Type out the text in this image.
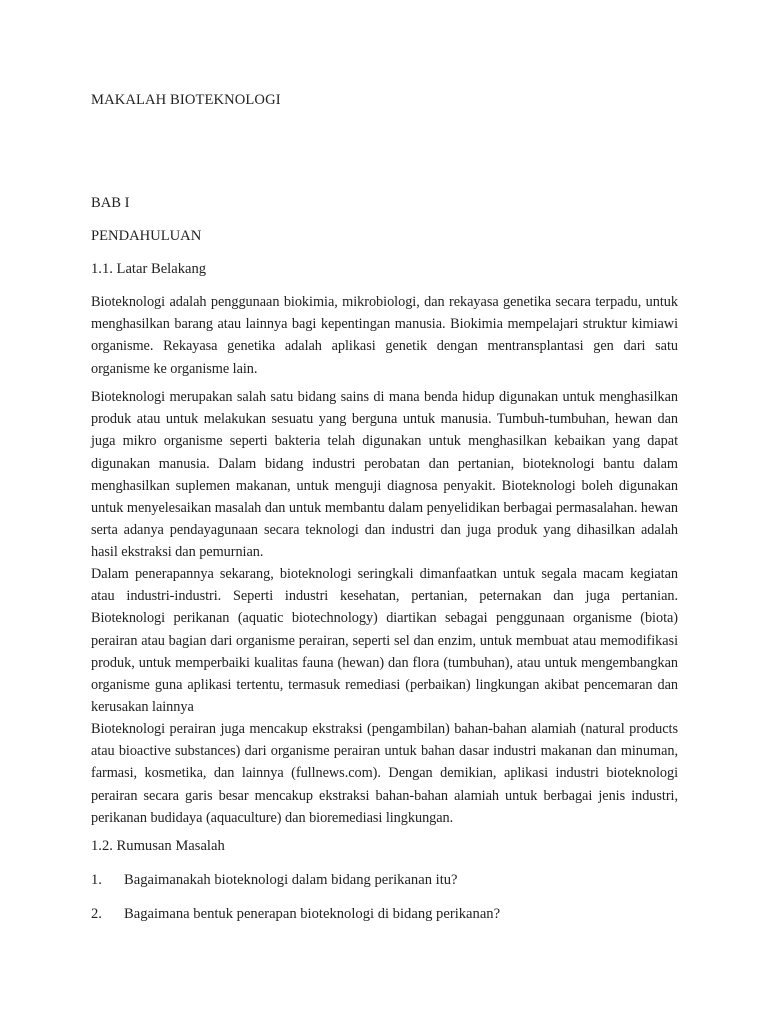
MAKALAH BIOTEKNOLOGI
BAB I
PENDAHULUAN
1.1. Latar Belakang

Bioteknologi adalah penggunaan biokimia, mikrobiologi, dan rekayasa genetika secara terpadu, untuk menghasilkan barang atau lainnya bagi kepentingan manusia. Biokimia mempelajari struktur kimiawi organisme. Rekayasa genetika adalah aplikasi genetik dengan mentransplantasi gen dari satu organisme ke organisme lain.

Bioteknologi merupakan salah satu bidang sains di mana benda hidup digunakan untuk menghasilkan produk atau untuk melakukan sesuatu yang berguna untuk manusia. Tumbuh-tumbuhan, hewan dan juga mikro organisme seperti bakteria telah digunakan untuk menghasilkan kebaikan yang dapat digunakan manusia. Dalam bidang industri perobatan dan pertanian, bioteknologi bantu dalam menghasilkan suplemen makanan, untuk menguji diagnosa penyakit. Bioteknologi boleh digunakan untuk menyelesaikan masalah dan untuk membantu dalam penyelidikan berbagai permasalahan. hewan serta adanya pendayagunaan secara teknologi dan industri dan juga produk yang dihasilkan adalah hasil ekstraksi dan pemurnian.

Dalam penerapannya sekarang, bioteknologi seringkali dimanfaatkan untuk segala macam kegiatan atau industri-industri. Seperti industri kesehatan, pertanian, peternakan dan juga pertanian. Bioteknologi perikanan (aquatic biotechnology) diartikan sebagai penggunaan organisme (biota) perairan atau bagian dari organisme perairan, seperti sel dan enzim, untuk membuat atau memodifikasi produk, untuk memperbaiki kualitas fauna (hewan) dan flora (tumbuhan), atau untuk mengembangkan organisme guna aplikasi tertentu, termasuk remediasi (perbaikan) lingkungan akibat pencemaran dan kerusakan lainnya

Bioteknologi perairan juga mencakup ekstraksi (pengambilan) bahan-bahan alamiah (natural products atau bioactive substances) dari organisme perairan untuk bahan dasar industri makanan dan minuman, farmasi, kosmetika, dan lainnya (fullnews.com). Dengan demikian, aplikasi industri bioteknologi perairan secara garis besar mencakup ekstraksi bahan-bahan alamiah untuk berbagai jenis industri, perikanan budidaya (aquaculture) dan bioremediasi lingkungan.

1.2. Rumusan Masalah
1. Bagaimanakah bioteknologi dalam bidang perikanan itu?
2. Bagaimana bentuk penerapan bioteknologi di bidang perikanan?
